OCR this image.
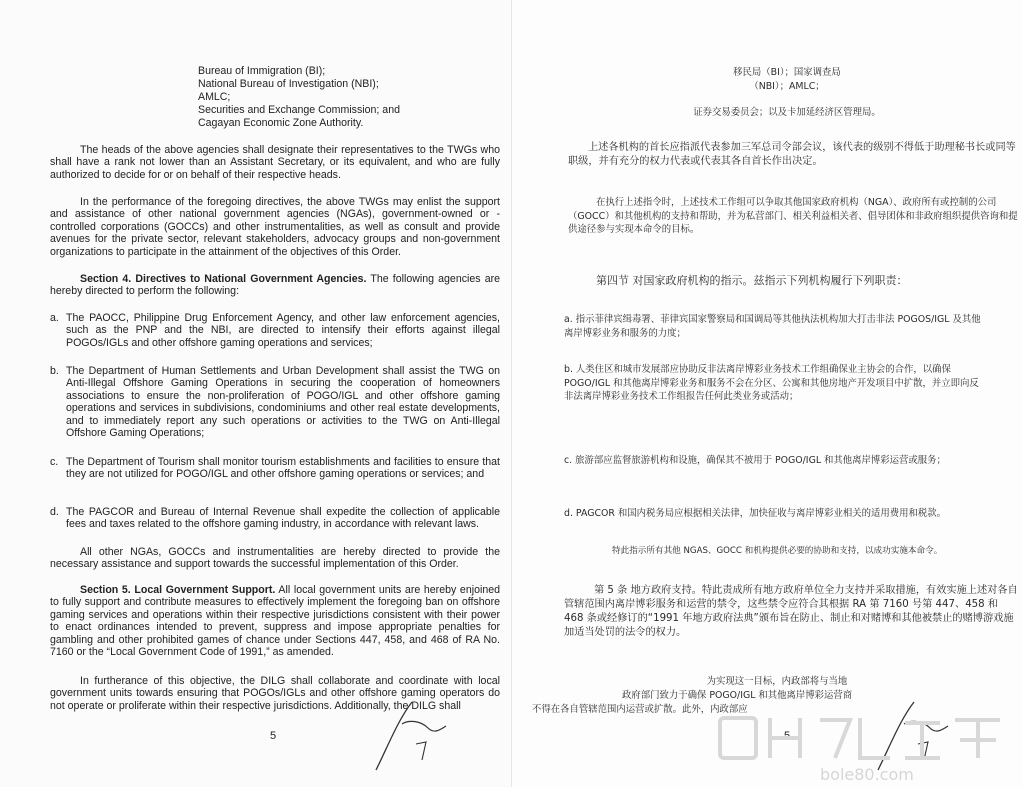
Bureau of Immigration (BI);
National Bureau of Investigation (NBI);
AMLC;
Securities and Exchange Commission; and
Cagayan Economic Zone Authority.
The heads of the above agencies shall designate their representatives to the TWGs who shall have a rank not lower than an Assistant Secretary, or its equivalent, and who are fully authorized to decide for or on behalf of their respective heads.
In the performance of the foregoing directives, the above TWGs may enlist the support and assistance of other national government agencies (NGAs), government-owned or -controlled corporations (GOCCs) and other instrumentalities, as well as consult and provide avenues for the private sector, relevant stakeholders, advocacy groups and non-government organizations to participate in the attainment of the objectives of this Order.
Section 4. Directives to National Government Agencies. The following agencies are hereby directed to perform the following:
a. The PAOCC, Philippine Drug Enforcement Agency, and other law enforcement agencies, such as the PNP and the NBI, are directed to intensify their efforts against illegal POGOs/IGLs and other offshore gaming operations and services;
b. The Department of Human Settlements and Urban Development shall assist the TWG on Anti-Illegal Offshore Gaming Operations in securing the cooperation of homeowners associations to ensure the non-proliferation of POGO/IGL and other offshore gaming operations and services in subdivisions, condominiums and other real estate developments, and to immediately report any such operations or activities to the TWG on Anti-Illegal Offshore Gaming Operations;
c. The Department of Tourism shall monitor tourism establishments and facilities to ensure that they are not utilized for POGO/IGL and other offshore gaming operations or services; and
d. The PAGCOR and Bureau of Internal Revenue shall expedite the collection of applicable fees and taxes related to the offshore gaming industry, in accordance with relevant laws.
All other NGAs, GOCCs and instrumentalities are hereby directed to provide the necessary assistance and support towards the successful implementation of this Order.
Section 5. Local Government Support. All local government units are hereby enjoined to fully support and contribute measures to effectively implement the foregoing ban on offshore gaming services and operations within their respective jurisdictions consistent with their power to enact ordinances intended to prevent, suppress and impose appropriate penalties for gambling and other prohibited games of chance under Sections 447, 458, and 468 of RA No. 7160 or the “Local Government Code of 1991,” as amended.
In furtherance of this objective, the DILG shall collaborate and coordinate with local government units towards ensuring that POGOs/IGLs and other offshore gaming operators do not operate or proliferate within their respective jurisdictions. Additionally, the DILG shall
5
移民局（BI）；国家调查局
（NBI）；AMLC；
证券交易委员会；以及卡加延经济区管理局。
上述各机构的首长应指派代表参加三军总司令部会议，该代表的级别不得低于助理秘书长或同等职级，并有充分的权力代表或代表其各自首长作出决定。
在执行上述指令时，上述技术工作组可以争取其他国家政府机构（NGA）、政府所有或控制的公司（GOCC）和其他机构的支持和帮助，并为私营部门、相关利益相关者、倡导团体和非政府组织提供咨询和提供途径参与实现本命令的目标。
第四节 对国家政府机构的指示。兹指示下列机构履行下列职责：
a. 指示菲律宾缉毒署、菲律宾国家警察局和国调局等其他执法机构加大打击非法 POGOS/IGL 及其他离岸博彩业务和服务的力度；
b. 人类住区和城市发展部应协助反非法离岸博彩业务技术工作组确保业主协会的合作，以确保 POGO/IGL 和其他离岸博彩业务和服务不会在分区、公寓和其他房地产开发项目中扩散，并立即向反非法离岸博彩业务技术工作组报告任何此类业务或活动；
c. 旅游部应监督旅游机构和设施，确保其不被用于 POGO/IGL 和其他离岸博彩运营或服务；
d. PAGCOR 和国内税务局应根据相关法律，加快征收与离岸博彩业相关的适用费用和税款。
特此指示所有其他 NGAS、GOCC 和机构提供必要的协助和支持，以成功实施本命令。
第 5 条 地方政府支持。特此责成所有地方政府单位全力支持并采取措施，有效实施上述对各自管辖范围内离岸博彩服务和运营的禁令，这些禁令应符合其根据 RA 第 7160 号第 447、458 和 468 条或经修订的“1991 年地方政府法典”颁布旨在防止、制止和对赌博和其他被禁止的赌博游戏施加适当处罚的法令的权力。
为实现这一目标，内政部将与当地
政府部门致力于确保 POGO/IGL 和其他离岸博彩运营商
不得在各自管辖范围内运营或扩散。此外，内政部应
5
bole80.com
